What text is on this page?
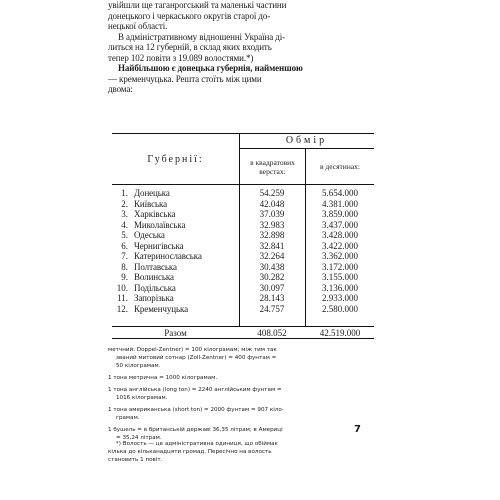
увійшли ще таганрогський та маленькі частини
донецького і черкаського округів старої до-
нецької області.
В адміністративному відношенні Україна ді-
литься на 12 губерній, в склад яких входить
тепер 102 повіти з 19.089 волостями.*)
Найбільшою є донецька губернія, найменшою
— кременчуцька. Решта стоїть між цими
двома:
Губернії:
Обмір
в квадратових верстах:	в десятинах:
1. Донецька	54.259	5.654.000
2. Київська	42.048	4.381.000
3. Харківська	37.039	3.859.000
4. Миколаївська	32.983	3.437.000
5. Одеська	32.898	3.428.000
6. Чернигівська	32.841	3.422.000
7. Катеринославська	32.264	3.362.000
8. Полтавська	30.438	3.172.000
9. Волинська	30.282	3.155.000
10. Подільська	30.097	3.136.000
11. Запорізька	28.143	2.933.000
12. Кременчуцька	24.757	2.580.000
Разом	408.052	42.519.000
метчний: Doppel-Zentner) = 100 кілограмам; між тим так
званий митовий сотнар (Zoll-Zentner) = 400 фунтам =
50 кілограмам.
1 тона метрична = 1000 кілограмам.
1 тона англійська (long ton) = 2240 англійським фунтам =
1016 кілограмам.
1 тона американська (short ton) = 2000 фунтам = 907 кіло-
грамам.
1 бушель = в британській державі 36,35 літрам; в Америці
= 35,24 літрам.
*) Волость — це адміністративна одиниця, що обіймає
кілька до кільканадцяти громад. Пересічно на волость
становить 1 повіт.
7
